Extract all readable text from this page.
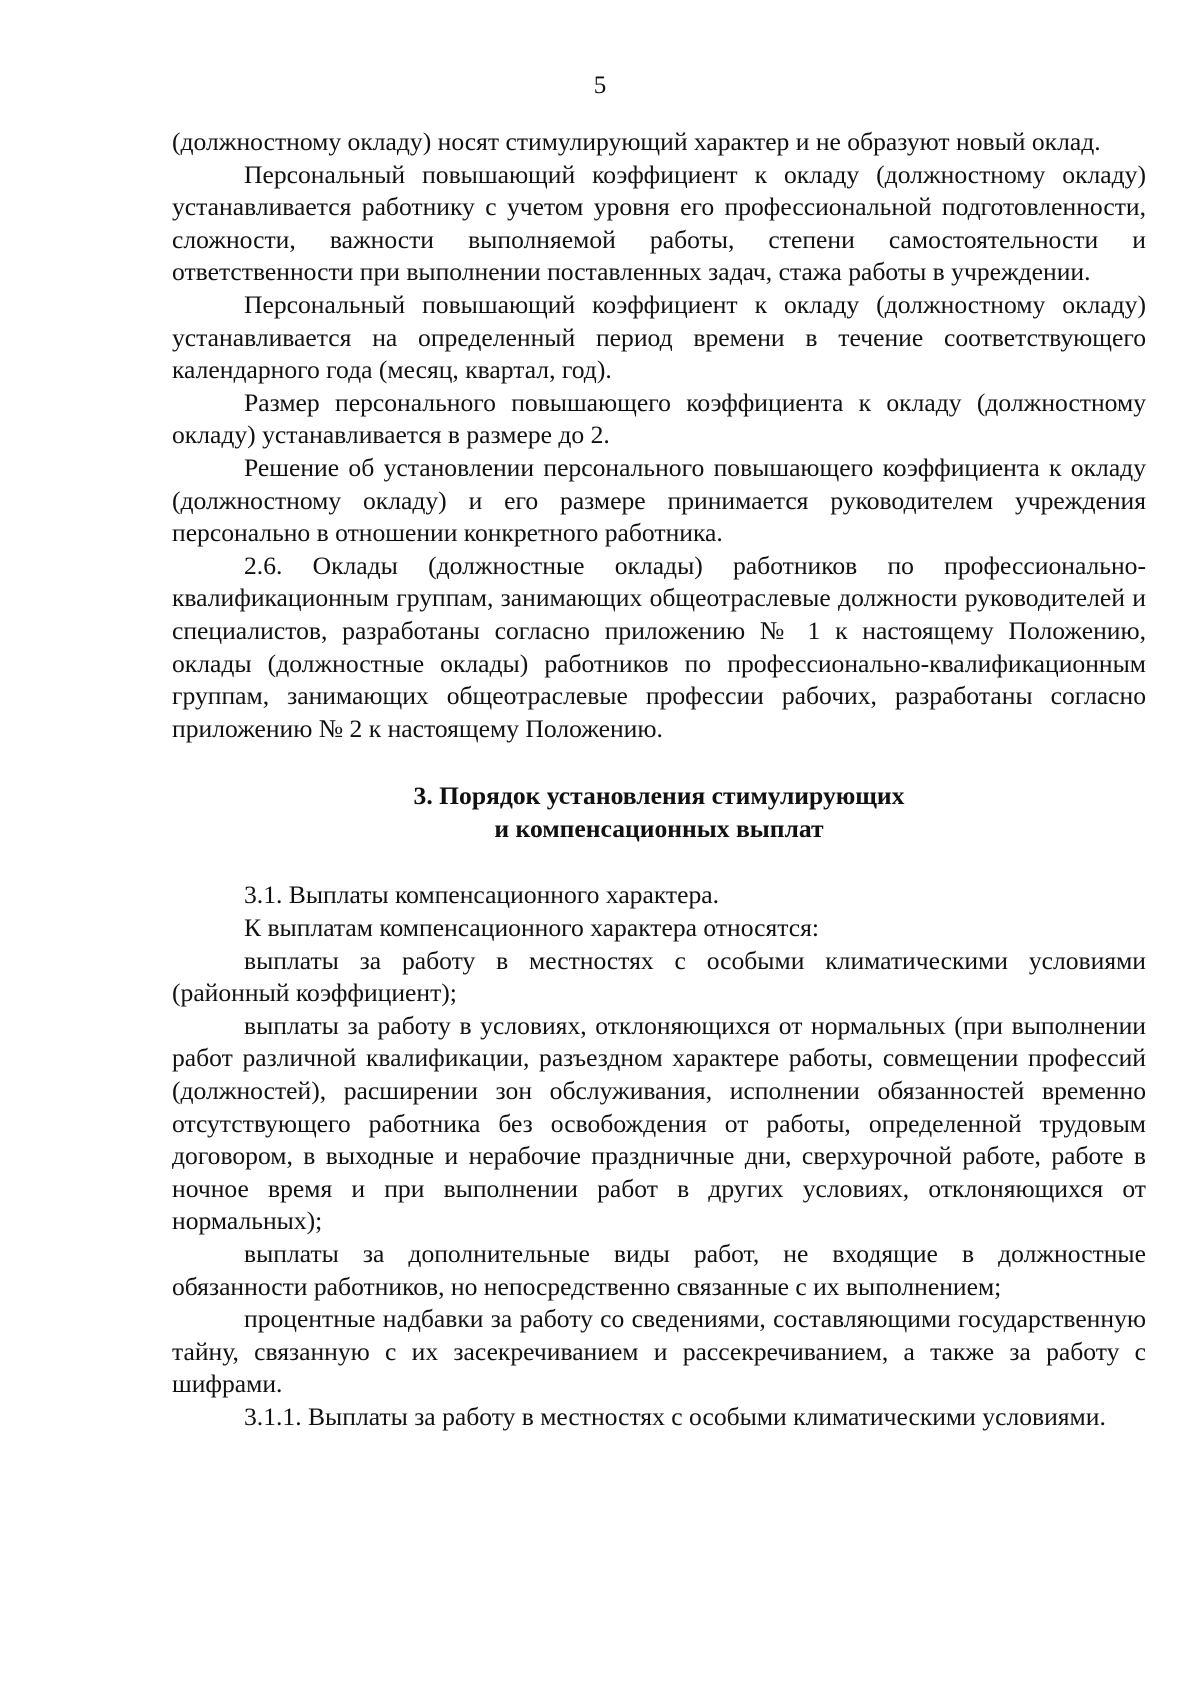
5

(должностному окладу) носят стимулирующий характер и не образуют новый оклад.

Персональный повышающий коэффициент к окладу (должностному окладу) устанавливается работнику с учетом уровня его профессиональной подготовленности, сложности, важности выполняемой работы, степени самостоятельности и ответственности при выполнении поставленных задач, стажа работы в учреждении.

Персональный повышающий коэффициент к окладу (должностному окладу) устанавливается на определенный период времени в течение соответствующего календарного года (месяц, квартал, год).

Размер персонального повышающего коэффициента к окладу (должностному окладу) устанавливается в размере до 2.

Решение об установлении персонального повышающего коэффициента к окладу (должностному окладу) и его размере принимается руководителем учреждения персонально в отношении конкретного работника.

2.6. Оклады (должностные оклады) работников по профессионально-квалификационным группам, занимающих общеотраслевые должности руководителей и специалистов, разработаны согласно приложению № 1 к настоящему Положению, оклады (должностные оклады) работников по профессионально-квалификационным группам, занимающих общеотраслевые профессии рабочих, разработаны согласно приложению № 2 к настоящему Положению.

3. Порядок установления стимулирующих
и компенсационных выплат

3.1. Выплаты компенсационного характера.

К выплатам компенсационного характера относятся:

выплаты за работу в местностях с особыми климатическими условиями (районный коэффициент);

выплаты за работу в условиях, отклоняющихся от нормальных (при выполнении работ различной квалификации, разъездном характере работы, совмещении профессий (должностей), расширении зон обслуживания, исполнении обязанностей временно отсутствующего работника без освобождения от работы, определенной трудовым договором, в выходные и нерабочие праздничные дни, сверхурочной работе, работе в ночное время и при выполнении работ в других условиях, отклоняющихся от нормальных);

выплаты за дополнительные виды работ, не входящие в должностные обязанности работников, но непосредственно связанные с их выполнением;

процентные надбавки за работу со сведениями, составляющими государственную тайну, связанную с их засекречиванием и рассекречиванием, а также за работу с шифрами.

3.1.1. Выплаты за работу в местностях с особыми климатическими условиями.
